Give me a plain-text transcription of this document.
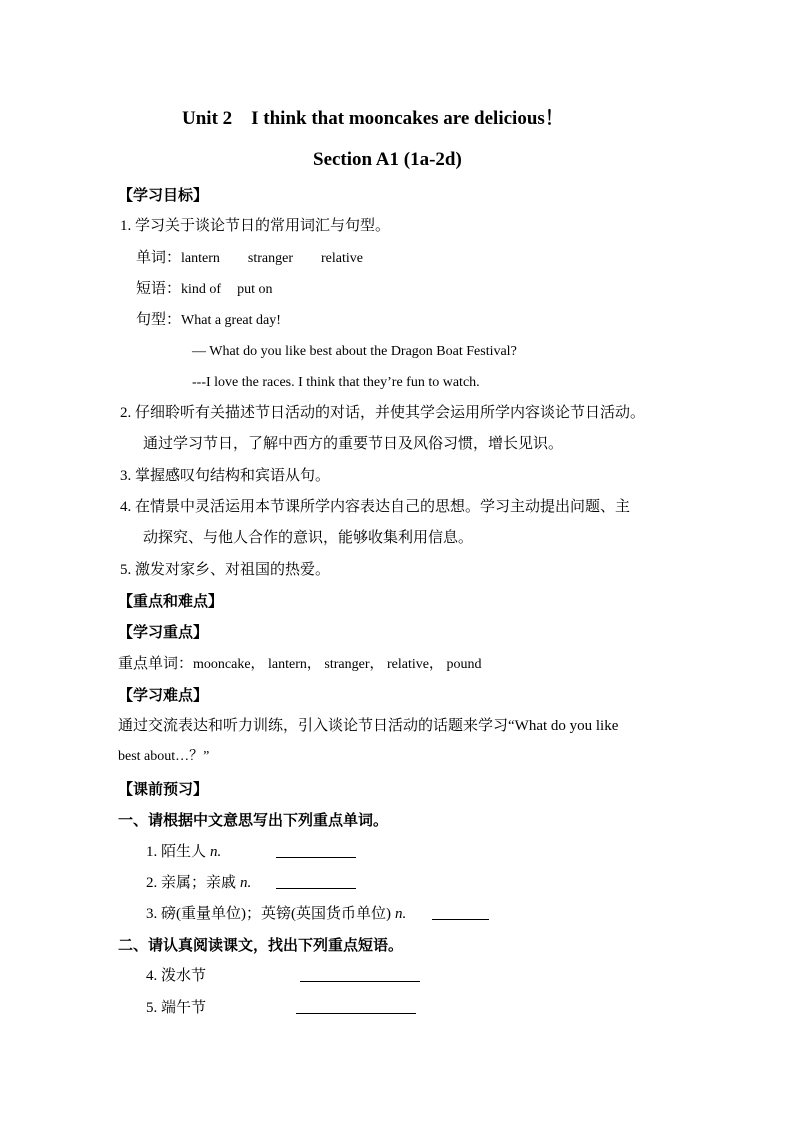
Unit 2　I think that mooncakes are delicious！
Section A1 (1a-2d)
【学习目标】
1. 学习关于谈论节日的常用词汇与句型。
单词：lantern stranger relative
短语：kind of put on
句型：What a great day!
— What do you like best about the Dragon Boat Festival?
---I love the races. I think that they’re fun to watch.
2. 仔细聆听有关描述节日活动的对话，并使其学会运用所学内容谈论节日活动。
通过学习节日，了解中西方的重要节日及风俗习惯，增长见识。
3. 掌握感叹句结构和宾语从句。
4. 在情景中灵活运用本节课所学内容表达自己的思想。学习主动提出问题、主
动探究、与他人合作的意识，能够收集利用信息。
5. 激发对家乡、对祖国的热爱。
【重点和难点】
【学习重点】
重点单词：mooncake， lantern， stranger， relative， pound
【学习难点】
通过交流表达和听力训练，引入谈论节日活动的话题来学习“What do you like
best about…？”
【课前预习】
一、请根据中文意思写出下列重点单词。
1. 陌生人 n.
2. 亲属；亲戚 n.
3. 磅(重量单位)；英镑(英国货币单位) n.
二、请认真阅读课文，找出下列重点短语。
4. 泼水节
5. 端午节
